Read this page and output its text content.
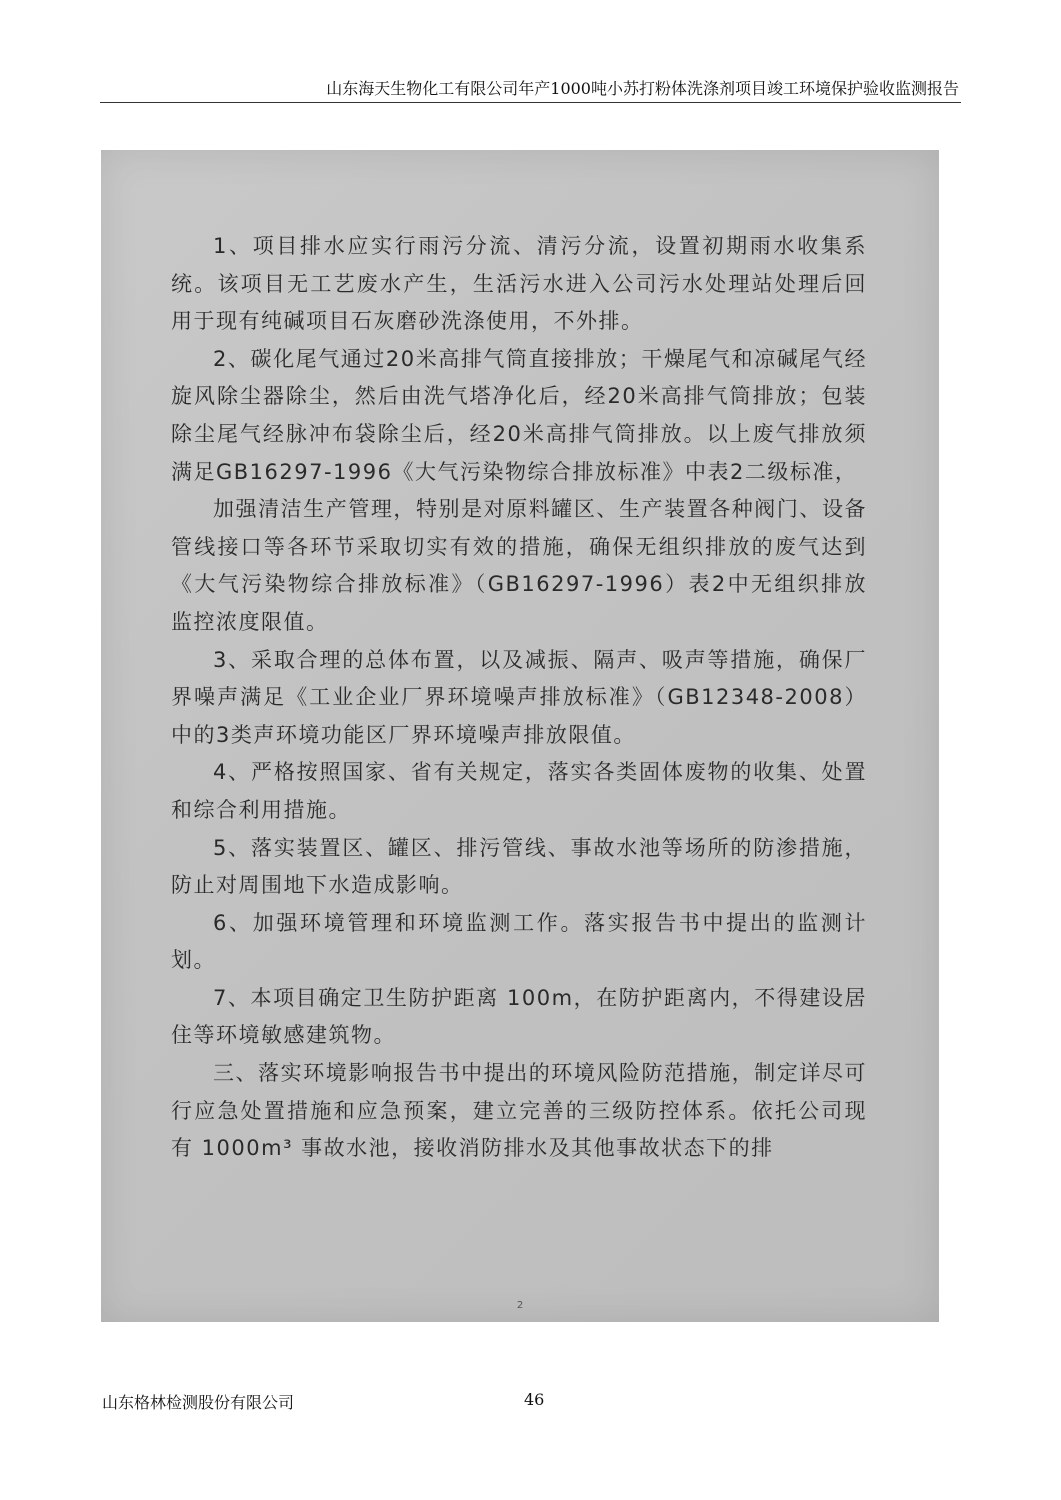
山东海天生物化工有限公司年产1000吨小苏打粉体洗涤剂项目竣工环境保护验收监测报告

1、项目排水应实行雨污分流、清污分流，设置初期雨水收集系统。该项目无工艺废水产生，生活污水进入公司污水处理站处理后回用于现有纯碱项目石灰磨砂洗涤使用，不外排。

2、碳化尾气通过20米高排气筒直接排放；干燥尾气和凉碱尾气经旋风除尘器除尘，然后由洗气塔净化后，经20米高排气筒排放；包装除尘尾气经脉冲布袋除尘后，经20米高排气筒排放。以上废气排放须满足GB16297-1996《大气污染物综合排放标准》中表2二级标准，

加强清洁生产管理，特别是对原料罐区、生产装置各种阀门、设备管线接口等各环节采取切实有效的措施，确保无组织排放的废气达到《大气污染物综合排放标准》（GB16297-1996）表2中无组织排放监控浓度限值。

3、采取合理的总体布置，以及减振、隔声、吸声等措施，确保厂界噪声满足《工业企业厂界环境噪声排放标准》（GB12348-2008）中的3类声环境功能区厂界环境噪声排放限值。

4、严格按照国家、省有关规定，落实各类固体废物的收集、处置和综合利用措施。

5、落实装置区、罐区、排污管线、事故水池等场所的防渗措施，防止对周围地下水造成影响。

6、加强环境管理和环境监测工作。落实报告书中提出的监测计划。

7、本项目确定卫生防护距离 100m，在防护距离内，不得建设居住等环境敏感建筑物。

三、落实环境影响报告书中提出的环境风险防范措施，制定详尽可行应急处置措施和应急预案，建立完善的三级防控体系。依托公司现有 1000m³ 事故水池，接收消防排水及其他事故状态下的排

2
山东格林检测股份有限公司	46
